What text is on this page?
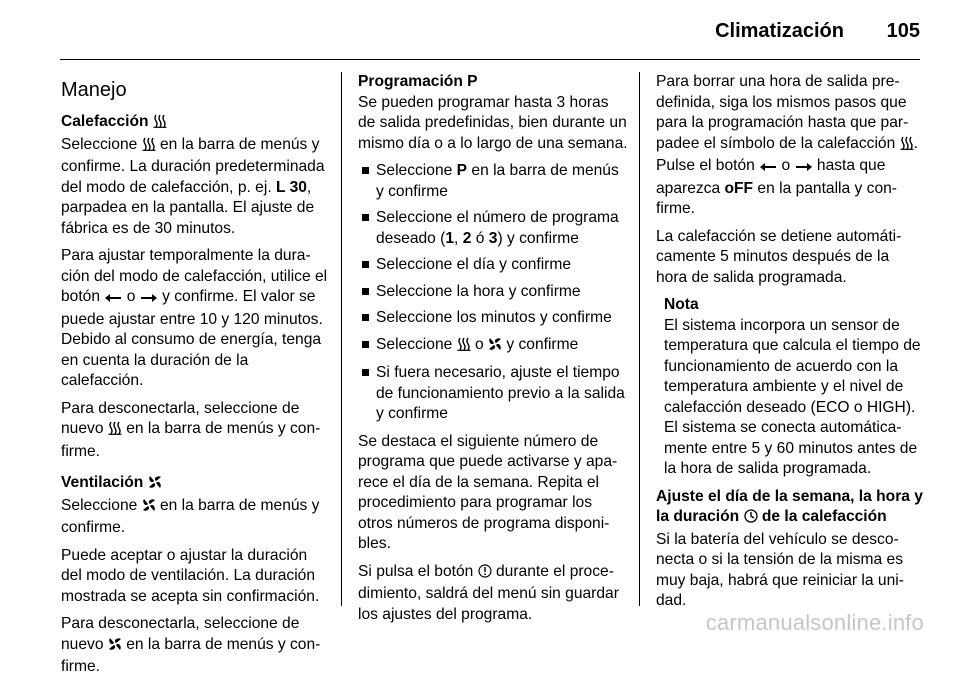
Climatización 105
Manejo
Calefacción

Seleccione en la barra de menús y confirme. La duración predeterminada del modo de calefacción, p. ej. L 30, parpadea en la pantalla. El ajuste de fábrica es de 30 minutos.

Para ajustar temporalmente la duración del modo de calefacción, utilice el botón o y confirme. El valor se puede ajustar entre 10 y 120 minutos. Debido al consumo de energía, tenga en cuenta la duración de la calefacción.

Para desconectarla, seleccione de nuevo en la barra de menús y confirme.

Ventilación

Seleccione en la barra de menús y confirme.

Puede aceptar o ajustar la duración del modo de ventilación. La duración mostrada se acepta sin confirmación.

Para desconectarla, seleccione de nuevo en la barra de menús y confirme.

Programación P

Se pueden programar hasta 3 horas de salida predefinidas, bien durante un mismo día o a lo largo de una semana.

Seleccione P en la barra de menús y confirme
Seleccione el número de programa deseado (1, 2 ó 3) y confirme
Seleccione el día y confirme
Seleccione la hora y confirme
Seleccione los minutos y confirme
Seleccione o y confirme
Si fuera necesario, ajuste el tiempo de funcionamiento previo a la salida y confirme

Se destaca el siguiente número de programa que puede activarse y aparece el día de la semana. Repita el procedimiento para programar los otros números de programa disponibles.

Si pulsa el botón durante el procedimiento, saldrá del menú sin guardar los ajustes del programa.

Para borrar una hora de salida predefinida, siga los mismos pasos que para la programación hasta que parpadee el símbolo de la calefacción . Pulse el botón o hasta que aparezca oFF en la pantalla y confirme.

La calefacción se detiene automáticamente 5 minutos después de la hora de salida programada.

Nota
El sistema incorpora un sensor de temperatura que calcula el tiempo de funcionamiento de acuerdo con la temperatura ambiente y el nivel de calefacción deseado (ECO o HIGH). El sistema se conecta automáticamente entre 5 y 60 minutos antes de la hora de salida programada.
Ajuste el día de la semana, la hora y la duración de la calefacción

Si la batería del vehículo se desconecta o si la tensión de la misma es muy baja, habrá que reiniciar la unidad.

carmanualsonline.info
